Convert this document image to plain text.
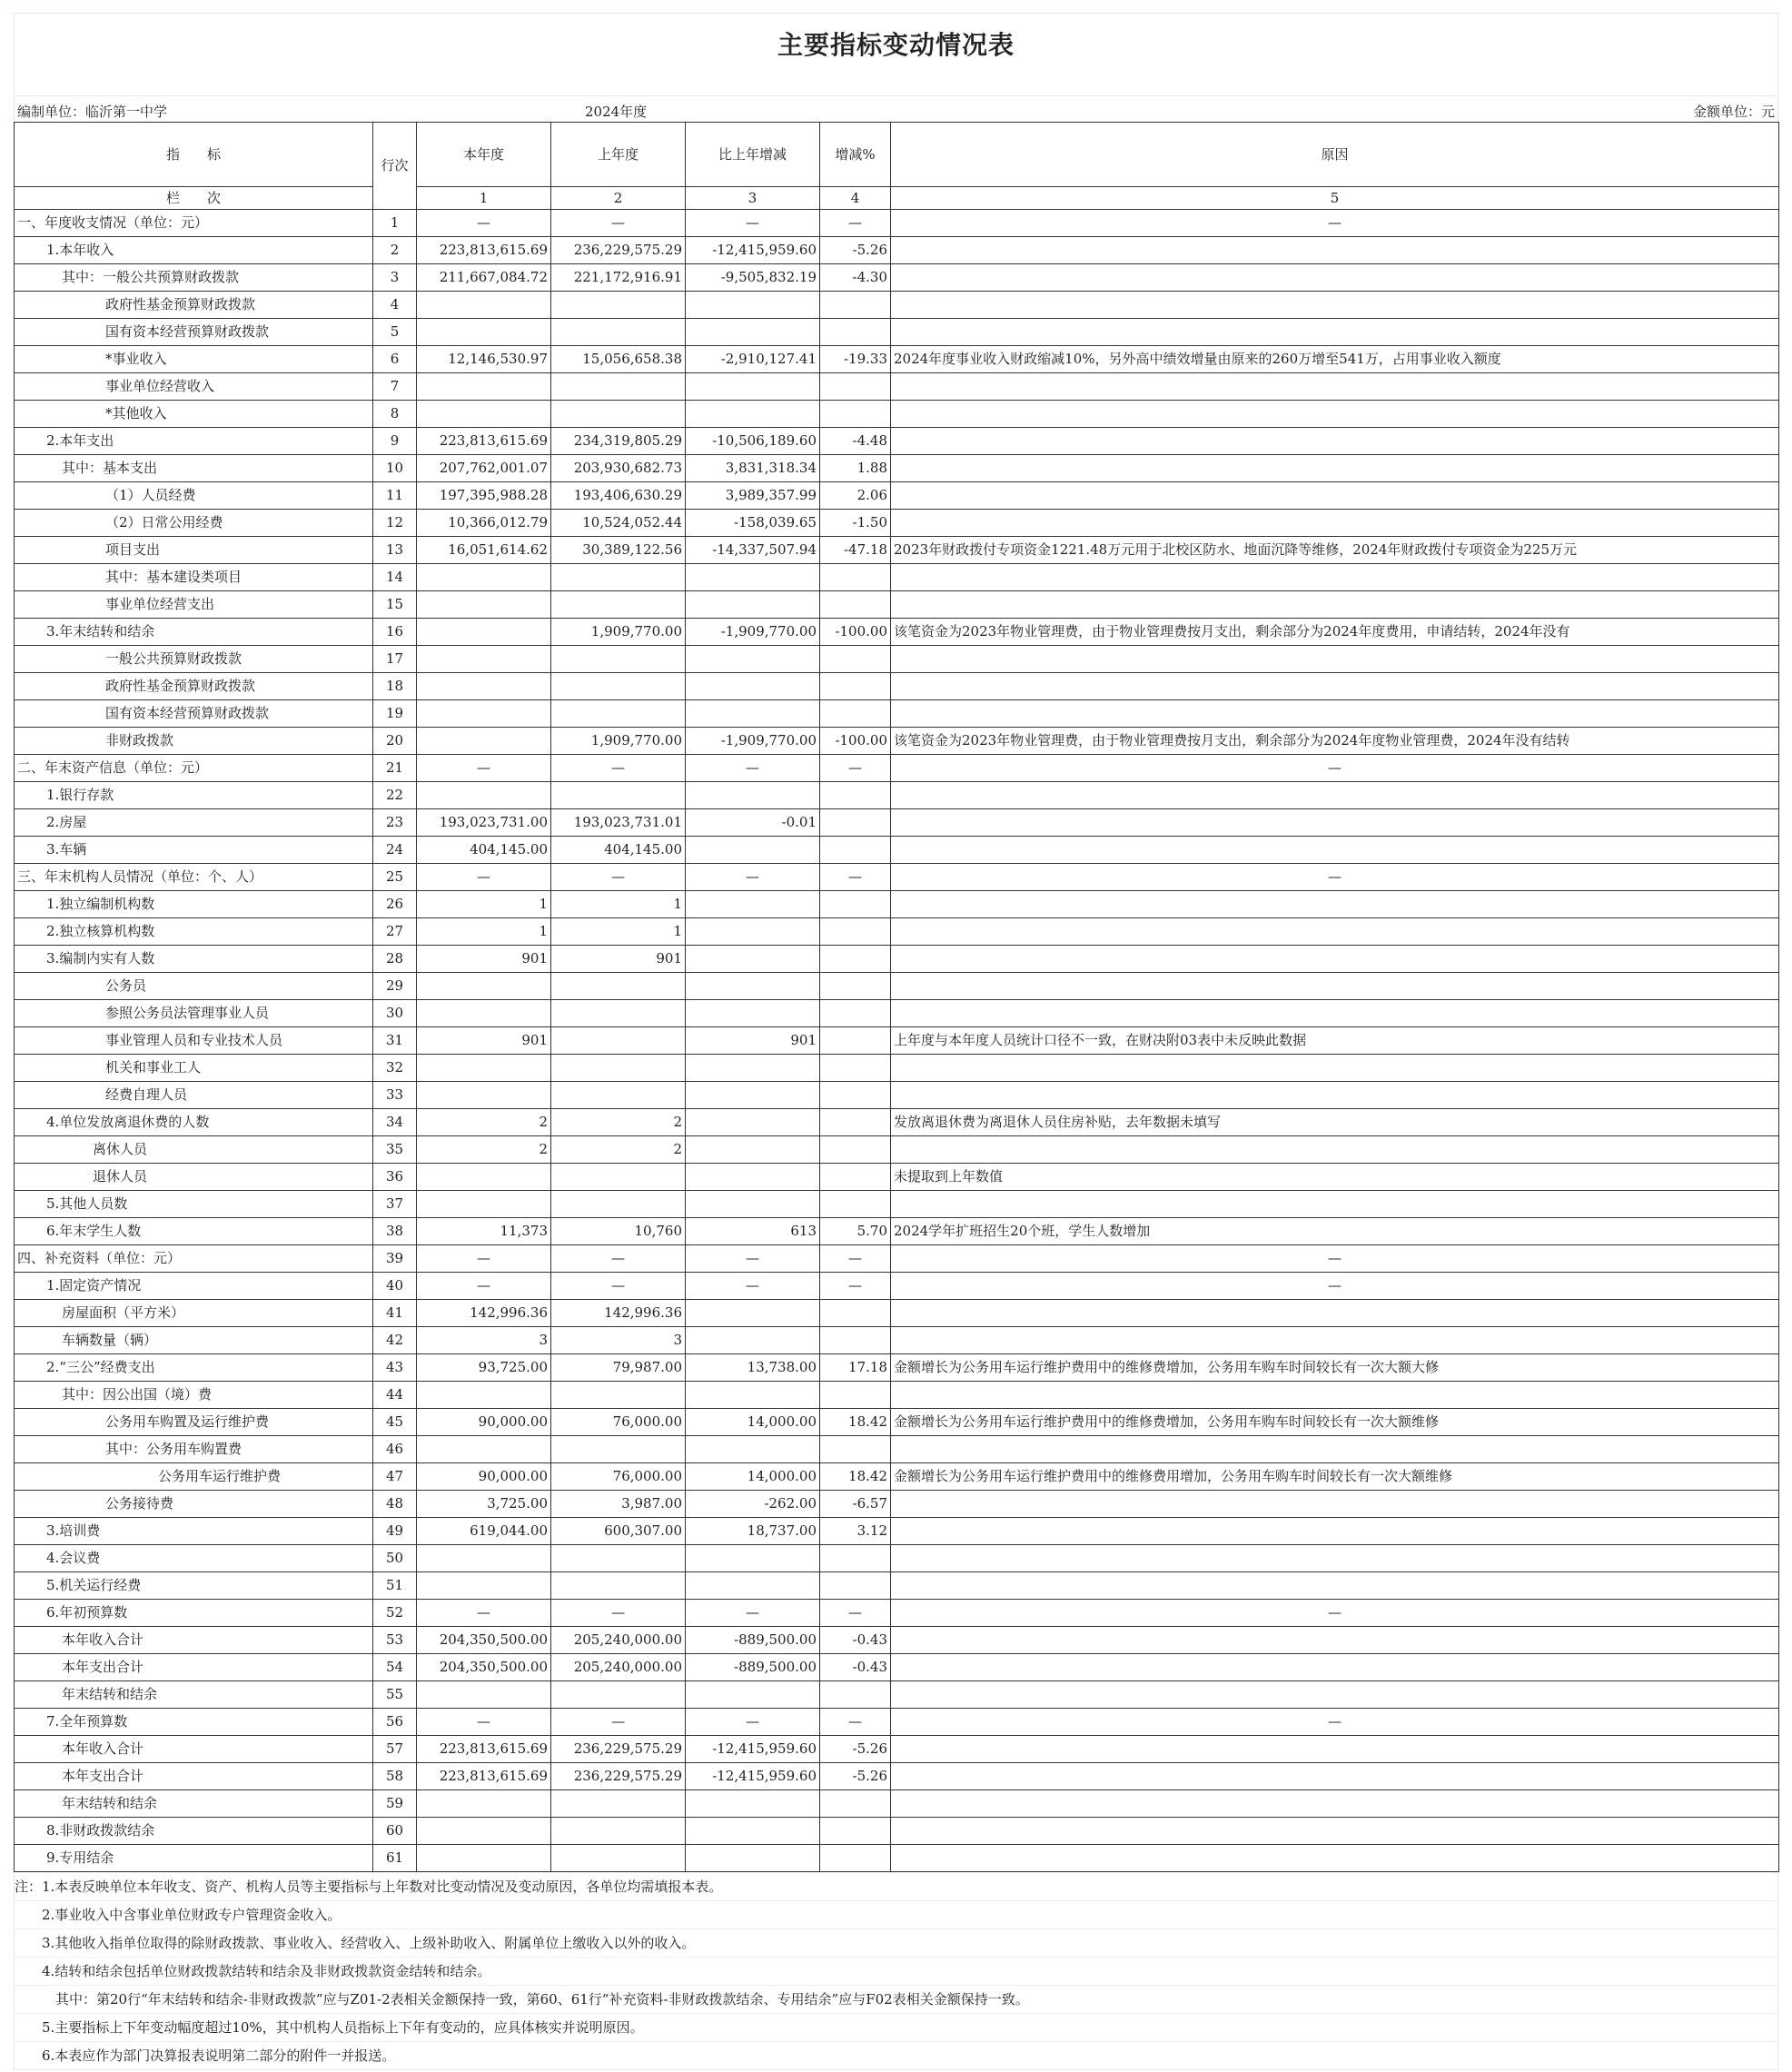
主要指标变动情况表
编制单位：临沂第一中学	2024年度	金额单位：元
指　　标	行次	本年度	上年度	比上年增减	增减%	原因
栏　　次		1	2	3	4	5
一、年度收支情况（单位：元）	1	—	—	—	—	—
1.本年收入	2	223,813,615.69	236,229,575.29	-12,415,959.60	-5.26	
其中：一般公共预算财政拨款	3	211,667,084.72	221,172,916.91	-9,505,832.19	-4.30	
政府性基金预算财政拨款	4					
国有资本经营预算财政拨款	5					
*事业收入	6	12,146,530.97	15,056,658.38	-2,910,127.41	-19.33	2024年度事业收入财政缩减10%，另外高中绩效增量由原来的260万增至541万，占用事业收入额度
事业单位经营收入	7					
*其他收入	8					
2.本年支出	9	223,813,615.69	234,319,805.29	-10,506,189.60	-4.48	
其中：基本支出	10	207,762,001.07	203,930,682.73	3,831,318.34	1.88	
（1）人员经费	11	197,395,988.28	193,406,630.29	3,989,357.99	2.06	
（2）日常公用经费	12	10,366,012.79	10,524,052.44	-158,039.65	-1.50	
项目支出	13	16,051,614.62	30,389,122.56	-14,337,507.94	-47.18	2023年财政拨付专项资金1221.48万元用于北校区防水、地面沉降等维修，2024年财政拨付专项资金为225万元
其中：基本建设类项目	14					
事业单位经营支出	15					
3.年末结转和结余	16		1,909,770.00	-1,909,770.00	-100.00	该笔资金为2023年物业管理费，由于物业管理费按月支出，剩余部分为2024年度费用，申请结转，2024年没有
一般公共预算财政拨款	17					
政府性基金预算财政拨款	18					
国有资本经营预算财政拨款	19					
非财政拨款	20		1,909,770.00	-1,909,770.00	-100.00	该笔资金为2023年物业管理费，由于物业管理费按月支出，剩余部分为2024年度物业管理费，2024年没有结转
二、年末资产信息（单位：元）	21	—	—	—	—	—
1.银行存款	22					
2.房屋	23	193,023,731.00	193,023,731.01	-0.01		
3.车辆	24	404,145.00	404,145.00			
三、年末机构人员情况（单位：个、人）	25	—	—	—	—	—
1.独立编制机构数	26	1	1			
2.独立核算机构数	27	1	1			
3.编制内实有人数	28	901	901			
公务员	29					
参照公务员法管理事业人员	30					
事业管理人员和专业技术人员	31	901		901		上年度与本年度人员统计口径不一致，在财决附03表中未反映此数据
机关和事业工人	32					
经费自理人员	33					
4.单位发放离退休费的人数	34	2	2			发放离退休费为离退休人员住房补贴，去年数据未填写
离休人员	35	2	2			
退休人员	36					未提取到上年数值
5.其他人员数	37					
6.年末学生人数	38	11,373	10,760	613	5.70	2024学年扩班招生20个班，学生人数增加
四、补充资料（单位：元）	39	—	—	—	—	—
1.固定资产情况	40	—	—	—	—	—
房屋面积（平方米）	41	142,996.36	142,996.36			
车辆数量（辆）	42	3	3			
2.“三公”经费支出	43	93,725.00	79,987.00	13,738.00	17.18	金额增长为公务用车运行维护费用中的维修费增加，公务用车购车时间较长有一次大额大修
其中：因公出国（境）费	44					
公务用车购置及运行维护费	45	90,000.00	76,000.00	14,000.00	18.42	金额增长为公务用车运行维护费用中的维修费增加，公务用车购车时间较长有一次大额维修
其中：公务用车购置费	46					
公务用车运行维护费	47	90,000.00	76,000.00	14,000.00	18.42	金额增长为公务用车运行维护费用中的维修费用增加，公务用车购车时间较长有一次大额维修
公务接待费	48	3,725.00	3,987.00	-262.00	-6.57	
3.培训费	49	619,044.00	600,307.00	18,737.00	3.12	
4.会议费	50					
5.机关运行经费	51					
6.年初预算数	52	—	—	—	—	—
本年收入合计	53	204,350,500.00	205,240,000.00	-889,500.00	-0.43	
本年支出合计	54	204,350,500.00	205,240,000.00	-889,500.00	-0.43	
年末结转和结余	55					
7.全年预算数	56	—	—	—	—	—
本年收入合计	57	223,813,615.69	236,229,575.29	-12,415,959.60	-5.26	
本年支出合计	58	223,813,615.69	236,229,575.29	-12,415,959.60	-5.26	
年末结转和结余	59					
8.非财政拨款结余	60					
9.专用结余	61					
注：1.本表反映单位本年收支、资产、机构人员等主要指标与上年数对比变动情况及变动原因，各单位均需填报本表。
　　2.事业收入中含事业单位财政专户管理资金收入。
　　3.其他收入指单位取得的除财政拨款、事业收入、经营收入、上级补助收入、附属单位上缴收入以外的收入。
　　4.结转和结余包括单位财政拨款结转和结余及非财政拨款资金结转和结余。
　　　其中：第20行“年末结转和结余-非财政拨款”应与Z01-2表相关金额保持一致，第60、61行“补充资料-非财政拨款结余、专用结余”应与F02表相关金额保持一致。
　　5.主要指标上下年变动幅度超过10%，其中机构人员指标上下年有变动的，应具体核实并说明原因。
　　6.本表应作为部门决算报表说明第二部分的附件一并报送。
